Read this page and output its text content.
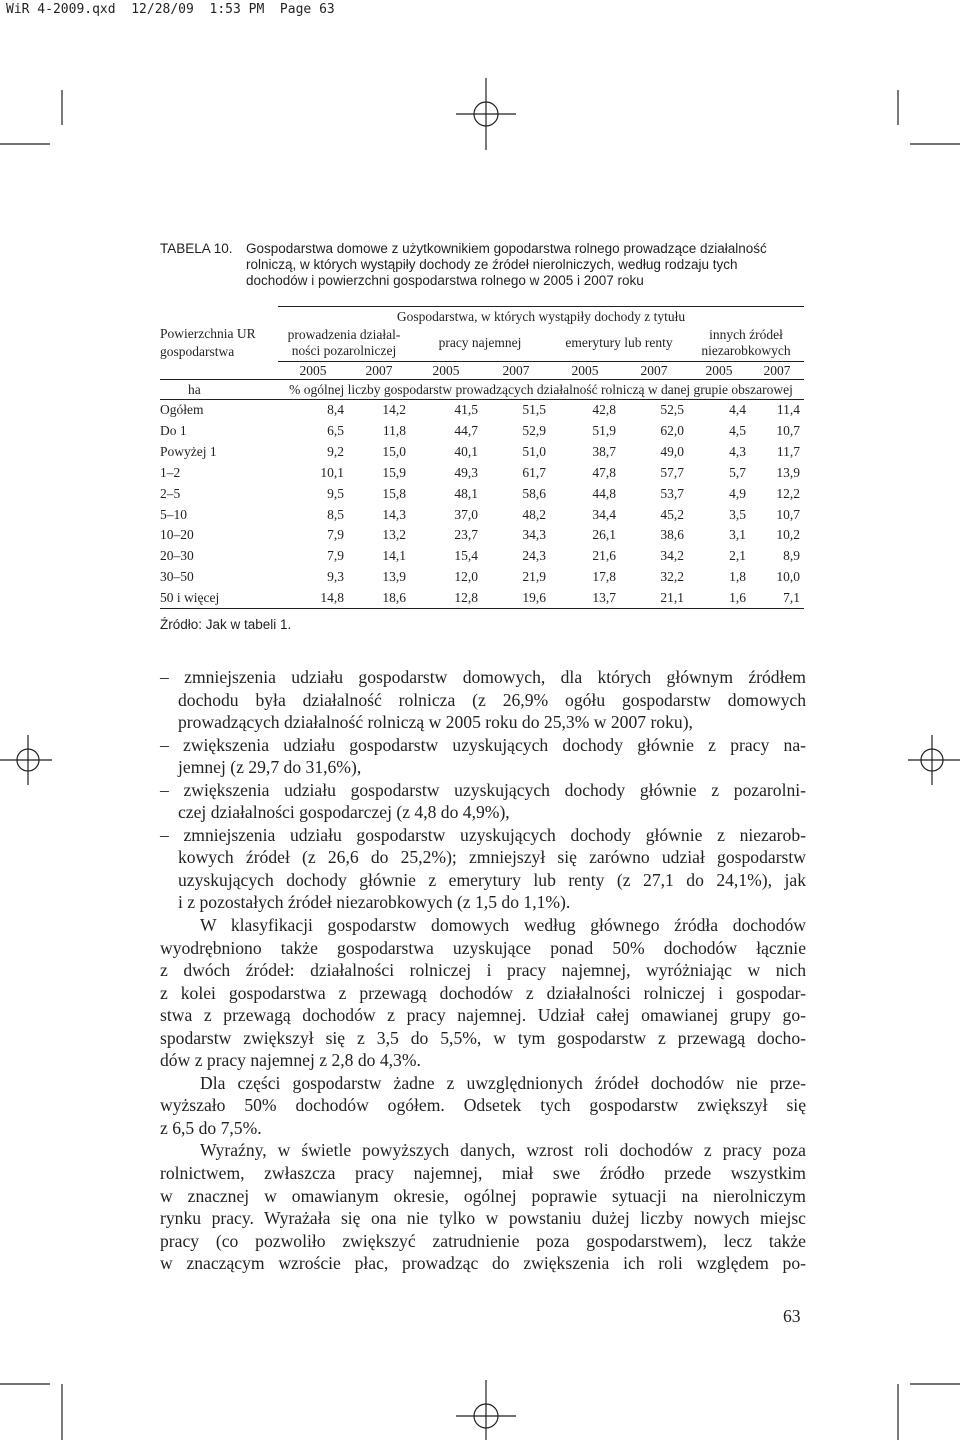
WiR 4-2009.qxd  12/28/09  1:53 PM  Page 63
TABELA 10. Gospodarstwa domowe z użytkownikiem gopodarstwa rolnego prowadzące działalność
rolniczą, w których wystąpiły dochody ze źródeł nierolniczych, według rodzaju tych
dochodów i powierzchni gospodarstwa rolnego w 2005 i 2007 roku
	Gospodarstwa, w których wystąpiły dochody z tytułu							
Powierzchnia UR
gospodarstwa	prowadzenia działal-
ności pozarolniczej		pracy najemnej		emerytury lub renty		innych źródeł
niezarobkowych	
	2005	2007	2005	2007	2005	2007	2005	2007
ha	% ogólnej liczby gospodarstw prowadzących działalność rolniczą w danej grupie obszarowej							
Ogółem	8,4	14,2	41,5	51,5	42,8	52,5	4,4	11,4
Do 1	6,5	11,8	44,7	52,9	51,9	62,0	4,5	10,7
Powyżej 1	9,2	15,0	40,1	51,0	38,7	49,0	4,3	11,7
1–2	10,1	15,9	49,3	61,7	47,8	57,7	5,7	13,9
2–5	9,5	15,8	48,1	58,6	44,8	53,7	4,9	12,2
5–10	8,5	14,3	37,0	48,2	34,4	45,2	3,5	10,7
10–20	7,9	13,2	23,7	34,3	26,1	38,6	3,1	10,2
20–30	7,9	14,1	15,4	24,3	21,6	34,2	2,1	8,9
30–50	9,3	13,9	12,0	21,9	17,8	32,2	1,8	10,0
50 i więcej	14,8	18,6	12,8	19,6	13,7	21,1	1,6	7,1
Źródło: Jak w tabeli 1.
– zmniejszenia udziału gospodarstw domowych, dla których głównym źródłem
dochodu była działalność rolnicza (z 26,9% ogółu gospodarstw domowych
prowadzących działalność rolniczą w 2005 roku do 25,3% w 2007 roku),
– zwiększenia udziału gospodarstw uzyskujących dochody głównie z pracy na-
jemnej (z 29,7 do 31,6%),
– zwiększenia udziału gospodarstw uzyskujących dochody głównie z pozarolni-
czej działalności gospodarczej (z 4,8 do 4,9%),
– zmniejszenia udziału gospodarstw uzyskujących dochody głównie z niezarob-
kowych źródeł (z 26,6 do 25,2%); zmniejszył się zarówno udział gospodarstw
uzyskujących dochody głównie z emerytury lub renty (z 27,1 do 24,1%), jak
i z pozostałych źródeł niezarobkowych (z 1,5 do 1,1%).
W klasyfikacji gospodarstw domowych według głównego źródła dochodów
wyodrębniono także gospodarstwa uzyskujące ponad 50% dochodów łącznie
z dwóch źródeł: działalności rolniczej i pracy najemnej, wyróżniając w nich
z kolei gospodarstwa z przewagą dochodów z działalności rolniczej i gospodar-
stwa z przewagą dochodów z pracy najemnej. Udział całej omawianej grupy go-
spodarstw zwiększył się z 3,5 do 5,5%, w tym gospodarstw z przewagą docho-
dów z pracy najemnej z 2,8 do 4,3%.
Dla części gospodarstw żadne z uwzględnionych źródeł dochodów nie prze-
wyższało 50% dochodów ogółem. Odsetek tych gospodarstw zwiększył się
z 6,5 do 7,5%.
Wyraźny, w świetle powyższych danych, wzrost roli dochodów z pracy poza
rolnictwem, zwłaszcza pracy najemnej, miał swe źródło przede wszystkim
w znacznej w omawianym okresie, ogólnej poprawie sytuacji na nierolniczym
rynku pracy. Wyrażała się ona nie tylko w powstaniu dużej liczby nowych miejsc
pracy (co pozwoliło zwiększyć zatrudnienie poza gospodarstwem), lecz także
w znaczącym wzroście płac, prowadząc do zwiększenia ich roli względem po-
63
